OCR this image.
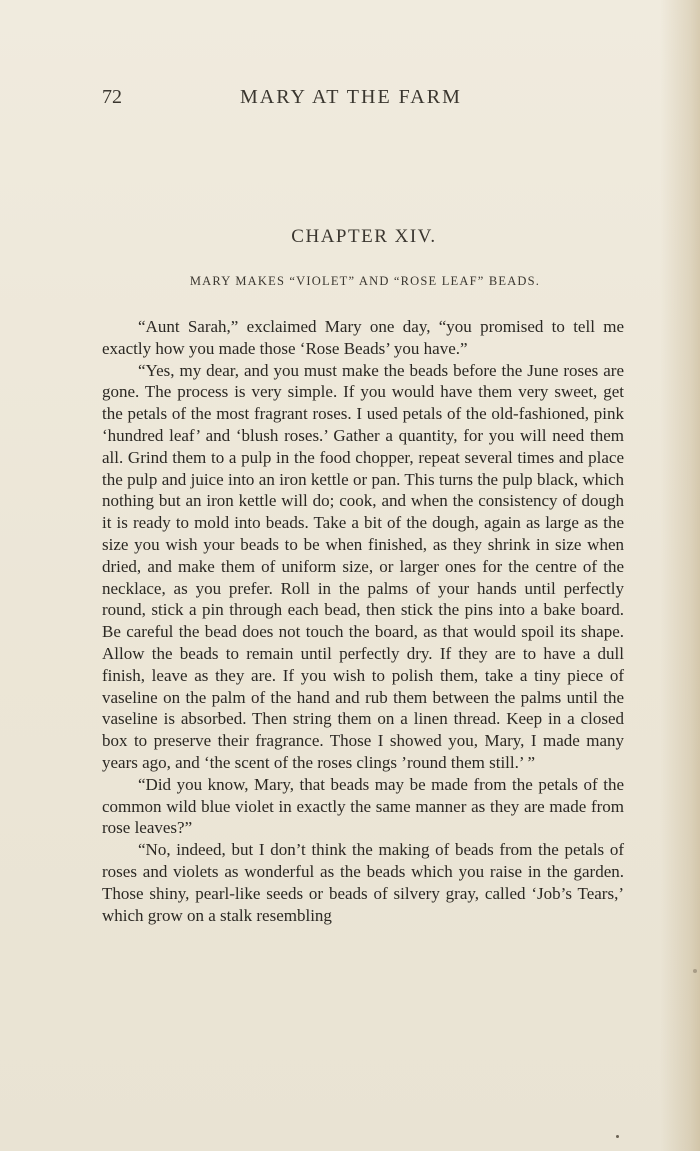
72	MARY AT THE FARM
CHAPTER XIV.
MARY MAKES “VIOLET” AND “ROSE LEAF” BEADS.

“Aunt Sarah,” exclaimed Mary one day, “you promised to tell me exactly how you made those ‘Rose Beads’ you have.”

“Yes, my dear, and you must make the beads before the June roses are gone. The process is very simple. If you would have them very sweet, get the petals of the most fragrant roses. I used petals of the old-fashioned, pink ‘hundred leaf’ and ‘blush roses.’ Gather a quantity, for you will need them all. Grind them to a pulp in the food chopper, repeat several times and place the pulp and juice into an iron kettle or pan. This turns the pulp black, which nothing but an iron kettle will do; cook, and when the consistency of dough it is ready to mold into beads. Take a bit of the dough, again as large as the size you wish your beads to be when finished, as they shrink in size when dried, and make them of uniform size, or larger ones for the centre of the necklace, as you prefer. Roll in the palms of your hands until perfectly round, stick a pin through each bead, then stick the pins into a bake board. Be careful the bead does not touch the board, as that would spoil its shape. Allow the beads to remain until perfectly dry. If they are to have a dull finish, leave as they are. If you wish to polish them, take a tiny piece of vaseline on the palm of the hand and rub them between the palms until the vaseline is absorbed. Then string them on a linen thread. Keep in a closed box to preserve their fragrance. Those I showed you, Mary, I made many years ago, and ‘the scent of the roses clings ’round them still.’ ”

“Did you know, Mary, that beads may be made from the petals of the common wild blue violet in exactly the same manner as they are made from rose leaves?”

“No, indeed, but I don’t think the making of beads from the petals of roses and violets as wonderful as the beads which you raise in the garden. Those shiny, pearl-like seeds or beads of silvery gray, called ‘Job’s Tears,’ which grow on a stalk resembling
